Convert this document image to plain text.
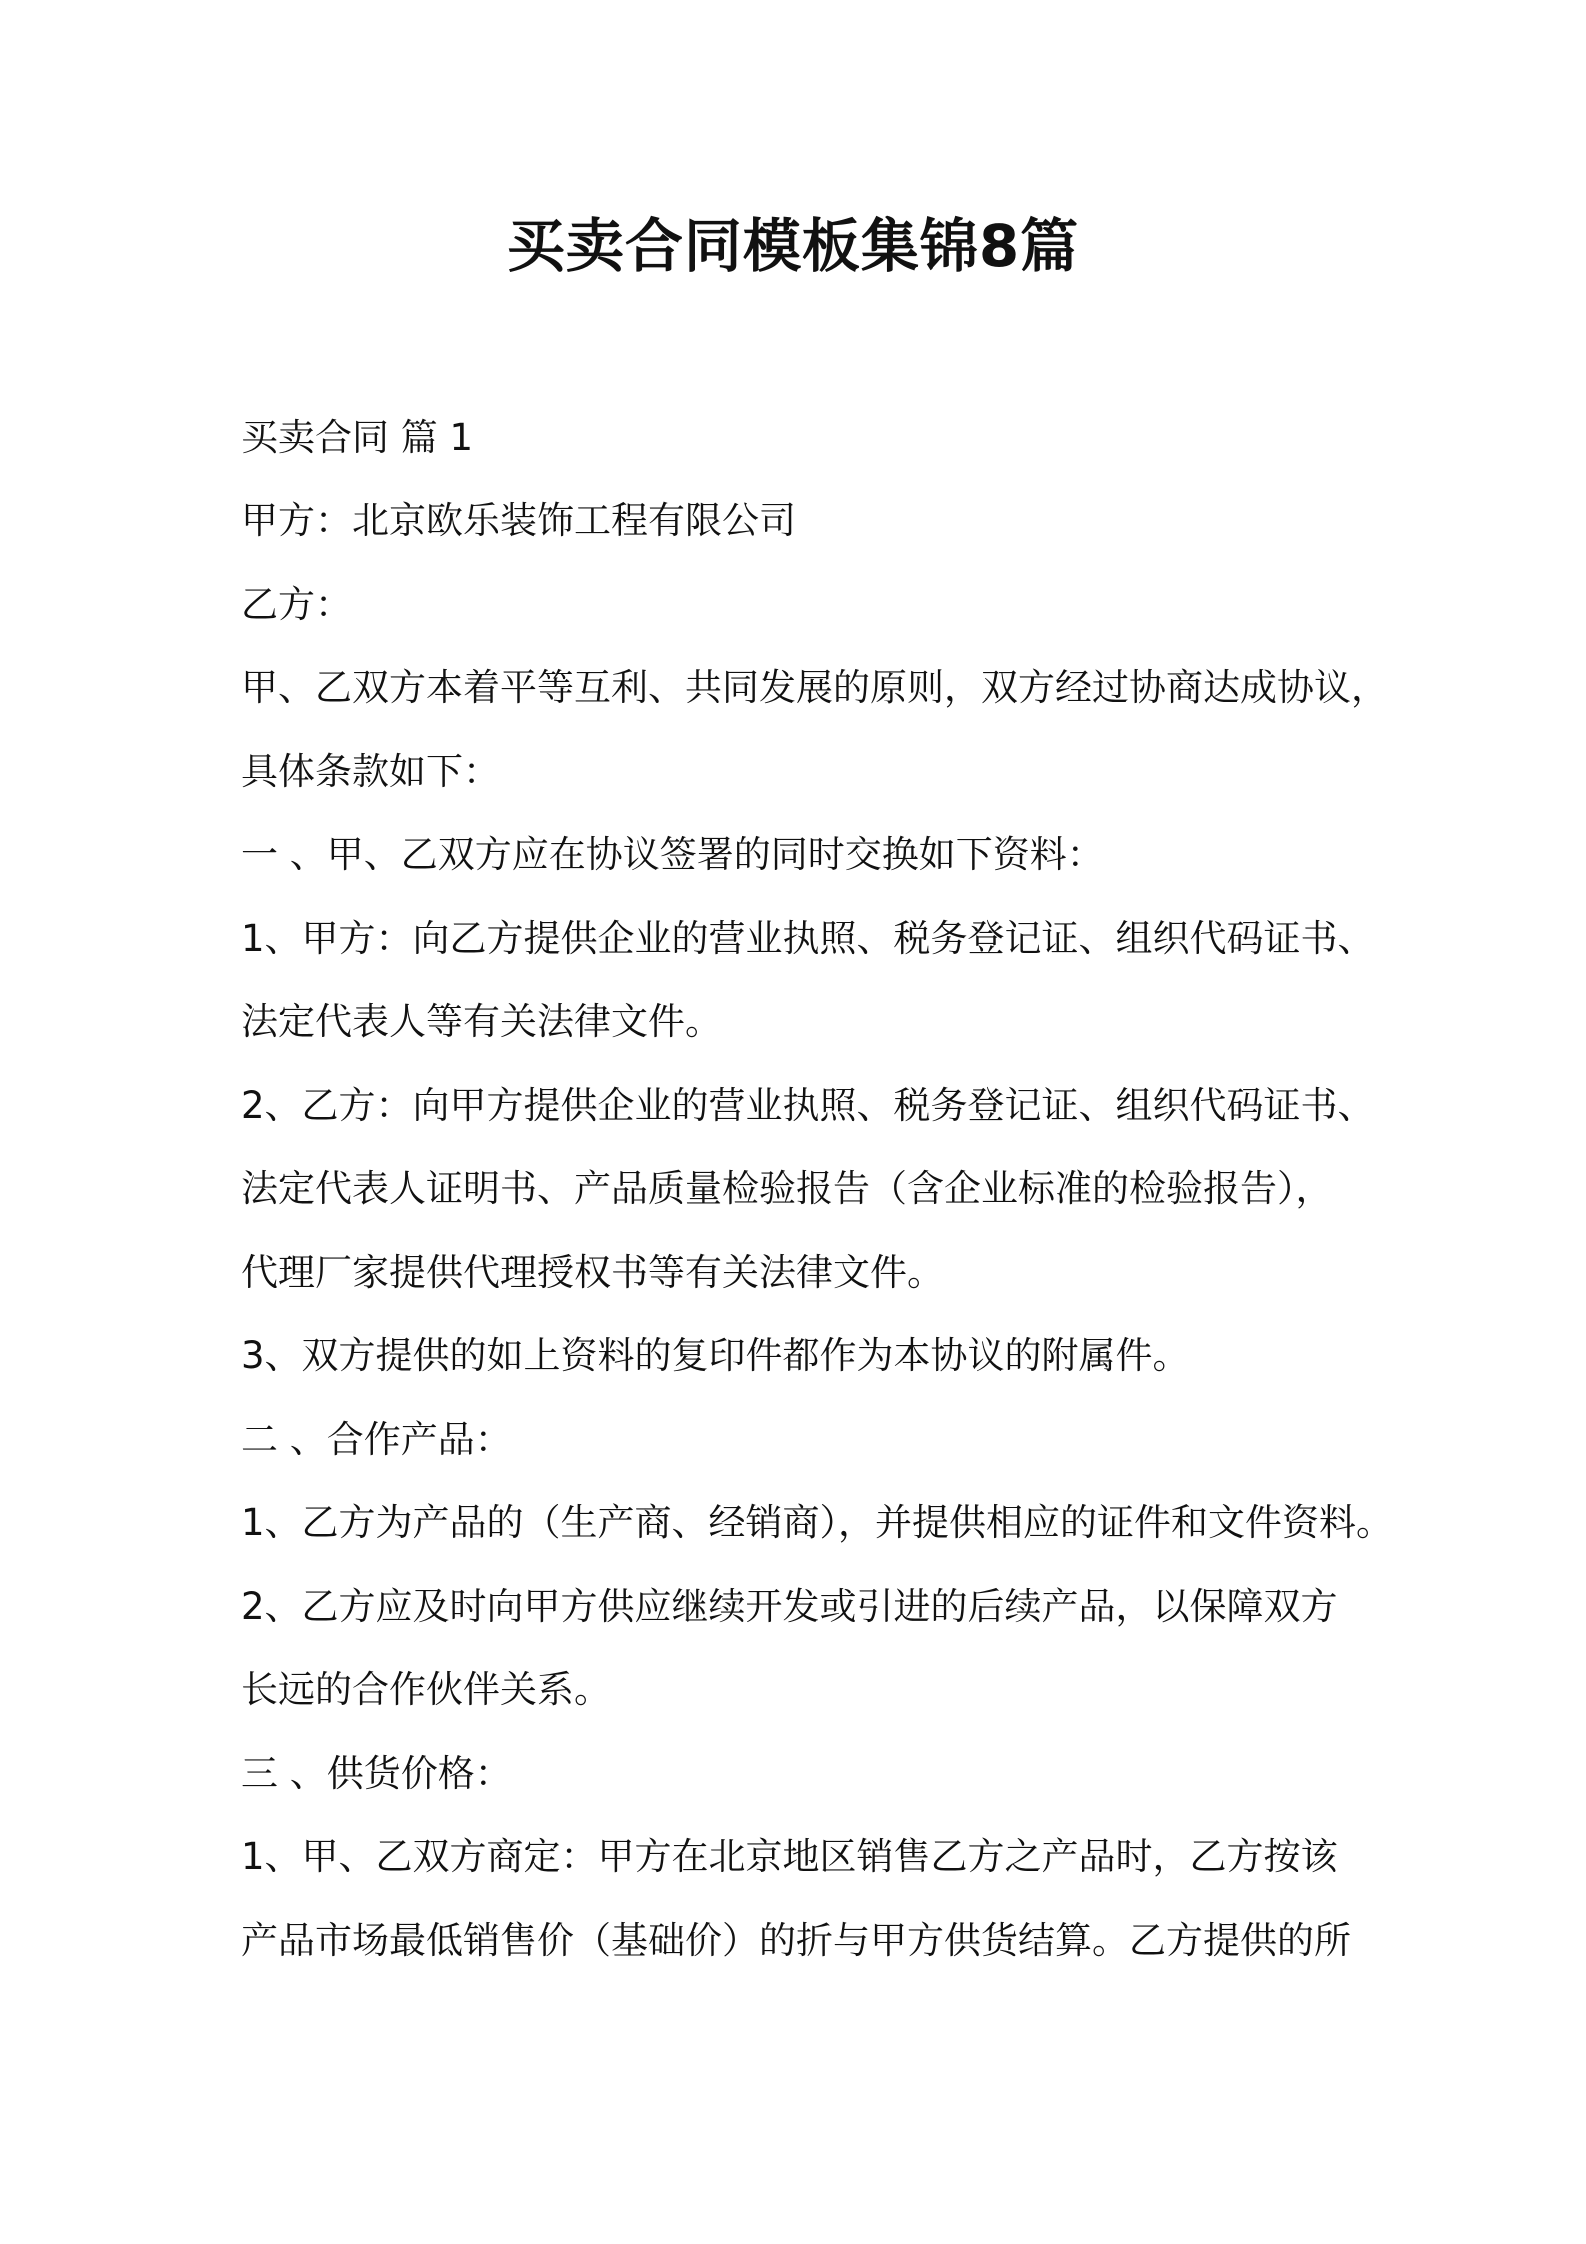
买卖合同模板集锦8篇

买卖合同 篇 1

甲方：北京欧乐装饰工程有限公司

乙方：

甲、乙双方本着平等互利、共同发展的原则，双方经过协商达成协议，

具体条款如下：

一 、甲、乙双方应在协议签署的同时交换如下资料：

1、甲方：向乙方提供企业的营业执照、税务登记证、组织代码证书、

法定代表人等有关法律文件。

2、乙方：向甲方提供企业的营业执照、税务登记证、组织代码证书、

法定代表人证明书、产品质量检验报告（含企业标准的检验报告），

代理厂家提供代理授权书等有关法律文件。

3、双方提供的如上资料的复印件都作为本协议的附属件。

二 、合作产品：

1、乙方为产品的（生产商、经销商），并提供相应的证件和文件资料。

2、乙方应及时向甲方供应继续开发或引进的后续产品，以保障双方

长远的合作伙伴关系。

三 、供货价格：

1、甲、乙双方商定：甲方在北京地区销售乙方之产品时，乙方按该

产品市场最低销售价（基础价）的折与甲方供货结算。乙方提供的所
